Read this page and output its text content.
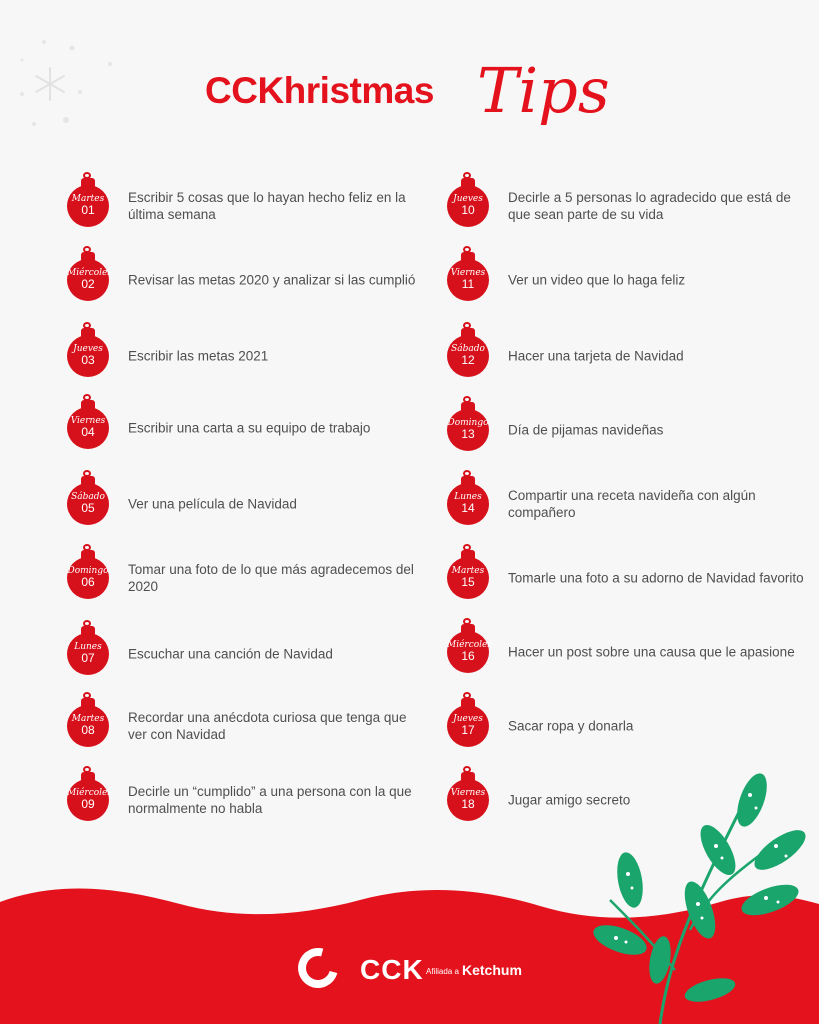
CCKhristmas Tips
Martes
01
Escribir 5 cosas que lo hayan hecho feliz en la última semana
Miércoles
02	Revisar las metas 2020 y analizar si las cumplió
Jueves
03	Escribir las metas 2021
Viernes
04	Escribir una carta a su equipo de trabajo
Sábado
05	Ver una película de Navidad
Domingo
06
Tomar una foto de lo que más agradecemos del 2020
Lunes
07	Escuchar una canción de Navidad
Martes
08
Recordar una anécdota curiosa que tenga que ver con Navidad
Miércoles
09
Decirle un “cumplido” a una persona con la que normalmente no habla
Jueves
10
Decirle a 5 personas lo agradecido que está de que sean parte de su vida
Viernes
11	Ver un video que lo haga feliz
Sábado
12	Hacer una tarjeta de Navidad
Domingo
13	Día de pijamas navideñas
Lunes
14
Compartir una receta navideña con algún compañero
Martes
15	Tomarle una foto a su adorno de Navidad favorito
Miércoles
16	Hacer un post sobre una causa que le apasione
Jueves
17	Sacar ropa y donarla
Viernes
18	Jugar amigo secreto
CCK Afiliada a Ketchum
